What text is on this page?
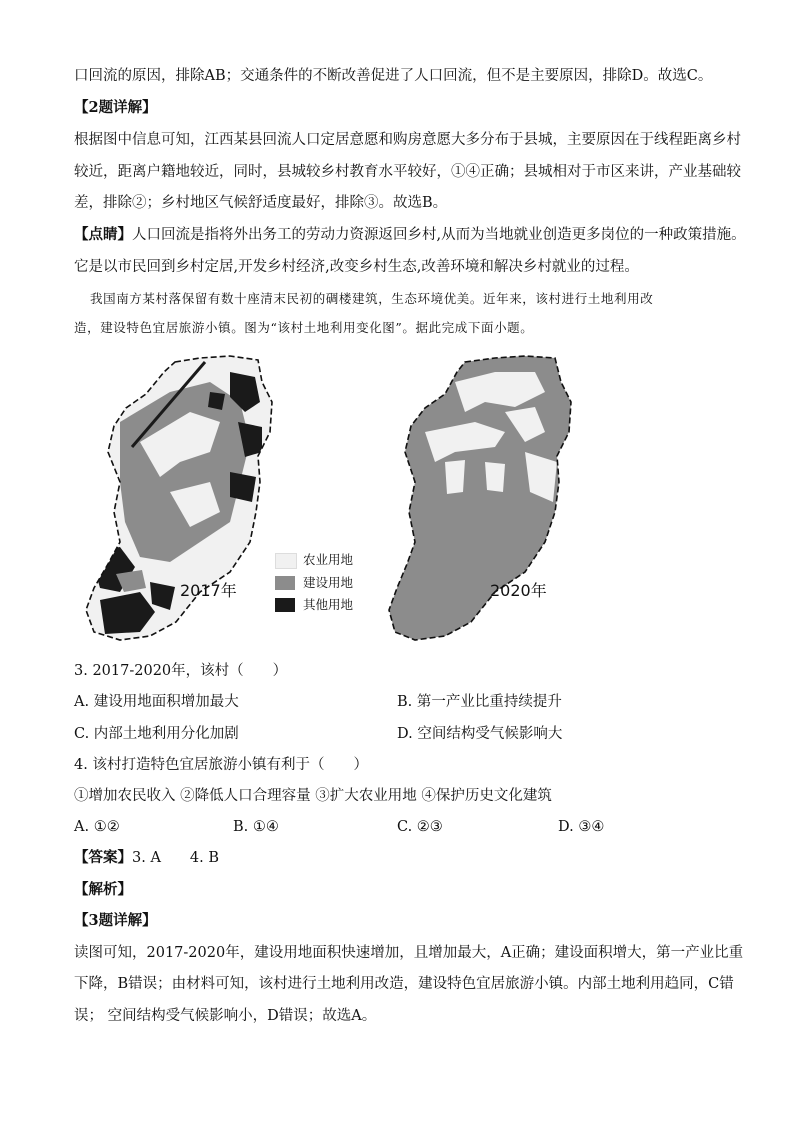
口回流的原因，排除AB；交通条件的不断改善促进了人口回流，但不是主要原因，排除D。故选C。
【2题详解】
根据图中信息可知，江西某县回流人口定居意愿和购房意愿大多分布于县城，主要原因在于线程距离乡村
较近，距离户籍地较近，同时，县城较乡村教育水平较好，①④正确；县城相对于市区来讲，产业基础较
差，排除②；乡村地区气候舒适度最好，排除③。故选B。
【点睛】人口回流是指将外出务工的劳动力资源返回乡村,从而为当地就业创造更多岗位的一种政策措施。
它是以市民回到乡村定居,开发乡村经济,改变乡村生态,改善环境和解决乡村就业的过程。
我国南方某村落保留有数十座清末民初的碉楼建筑，生态环境优美。近年来，该村进行土地利用改
造，建设特色宜居旅游小镇。图为“该村土地利用变化图”。据此完成下面小题。
2017年
农业用地
建设用地
其他用地
2020年
3. 2017-2020年，该村（　　）
A. 建设用地面积增加最大	B. 第一产业比重持续提升
C. 内部土地利用分化加剧	D. 空间结构受气候影响大
4. 该村打造特色宜居旅游小镇有利于（　　）
①增加农民收入 ②降低人口合理容量 ③扩大农业用地 ④保护历史文化建筑
A. ①②	B. ①④	C. ②③	D. ③④
【答案】3. A　　4. B
【解析】
【3题详解】
读图可知，2017-2020年，建设用地面积快速增加，且增加最大，A正确；建设面积增大，第一产业比重
下降，B错误；由材料可知，该村进行土地利用改造，建设特色宜居旅游小镇。内部土地利用趋同，C错
误； 空间结构受气候影响小，D错误；故选A。
